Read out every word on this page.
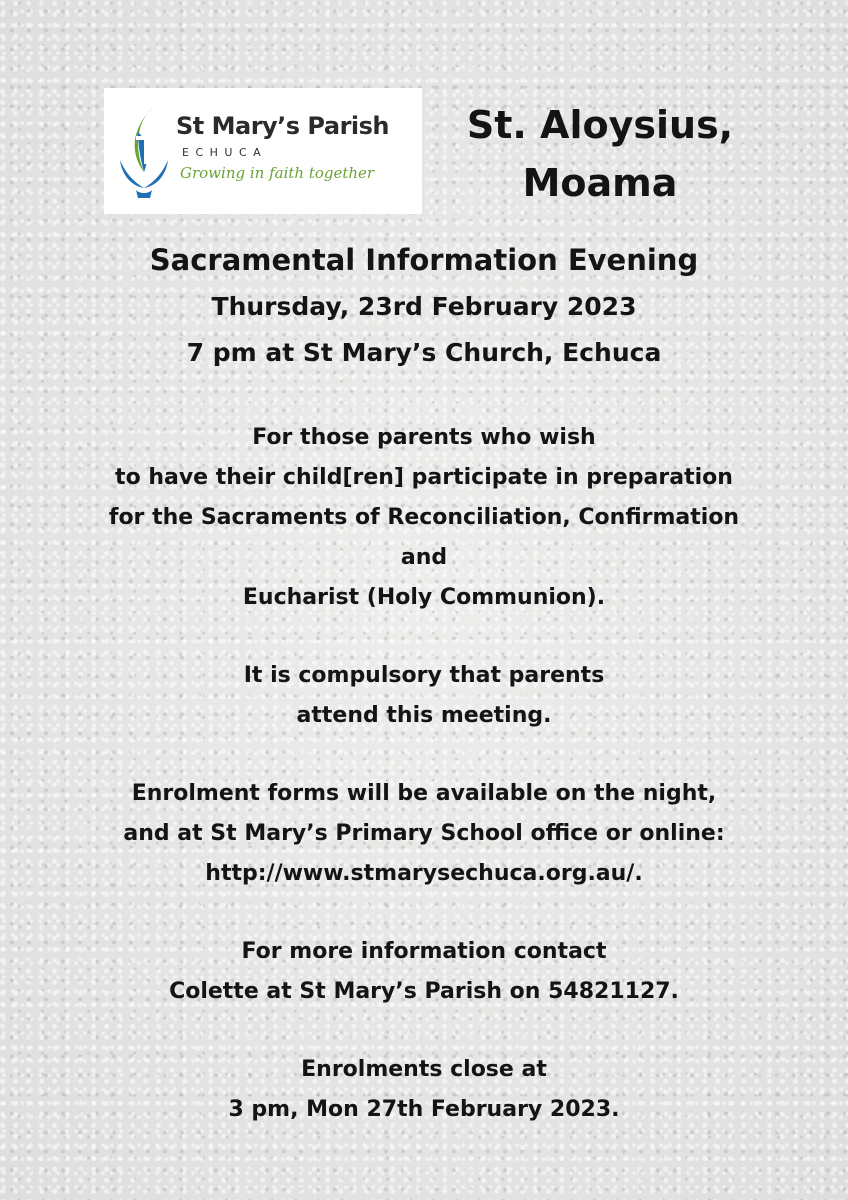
St Mary’s Parish
ECHUCA
Growing in faith together
St. Aloysius,
Moama
Sacramental Information Evening
Thursday, 23rd February 2023
7 pm at St Mary’s Church, Echuca
For those parents who wish
to have their child[ren] participate in preparation
for the Sacraments of Reconciliation, Confirmation
and
Eucharist (Holy Communion).
It is compulsory that parents
attend this meeting.
Enrolment forms will be available on the night,
and at St Mary’s Primary School office or online:
http://www.stmarysechuca.org.au/.
For more information contact
Colette at St Mary’s Parish on 54821127.
Enrolments close at
3 pm, Mon 27th February 2023.
